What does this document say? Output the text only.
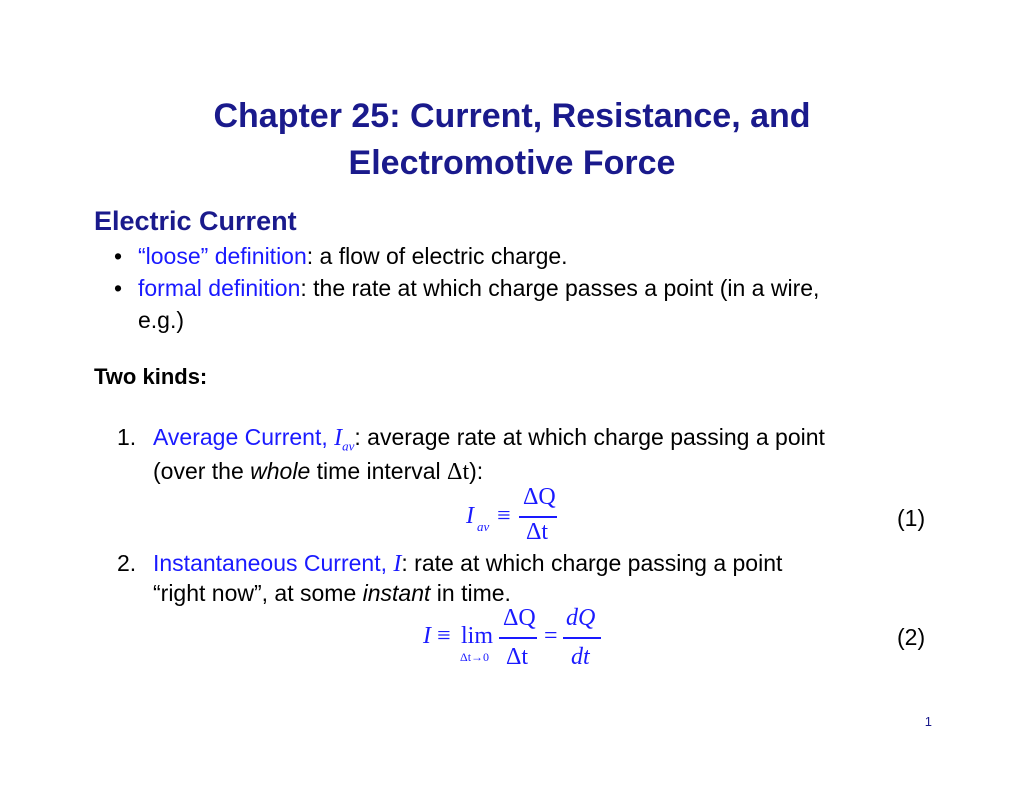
Chapter 25: Current, Resistance, and
Electromotive Force
Electric Current
• “loose” definition: a flow of electric charge.
• formal definition: the rate at which charge passes a point (in a wire,
e.g.)
Two kinds:
1. Average Current, $I_{av}$: average rate at which charge passing a point
(over the whole time interval Δt):
I av ≡
ΔQ
Δt
(1)
2. Instantaneous Current, I: rate at which charge passing a point
“right now”, at some instant in time.
I ≡ lim
Δt→0
ΔQ
Δt
=
dQ
dt
(2)
1
